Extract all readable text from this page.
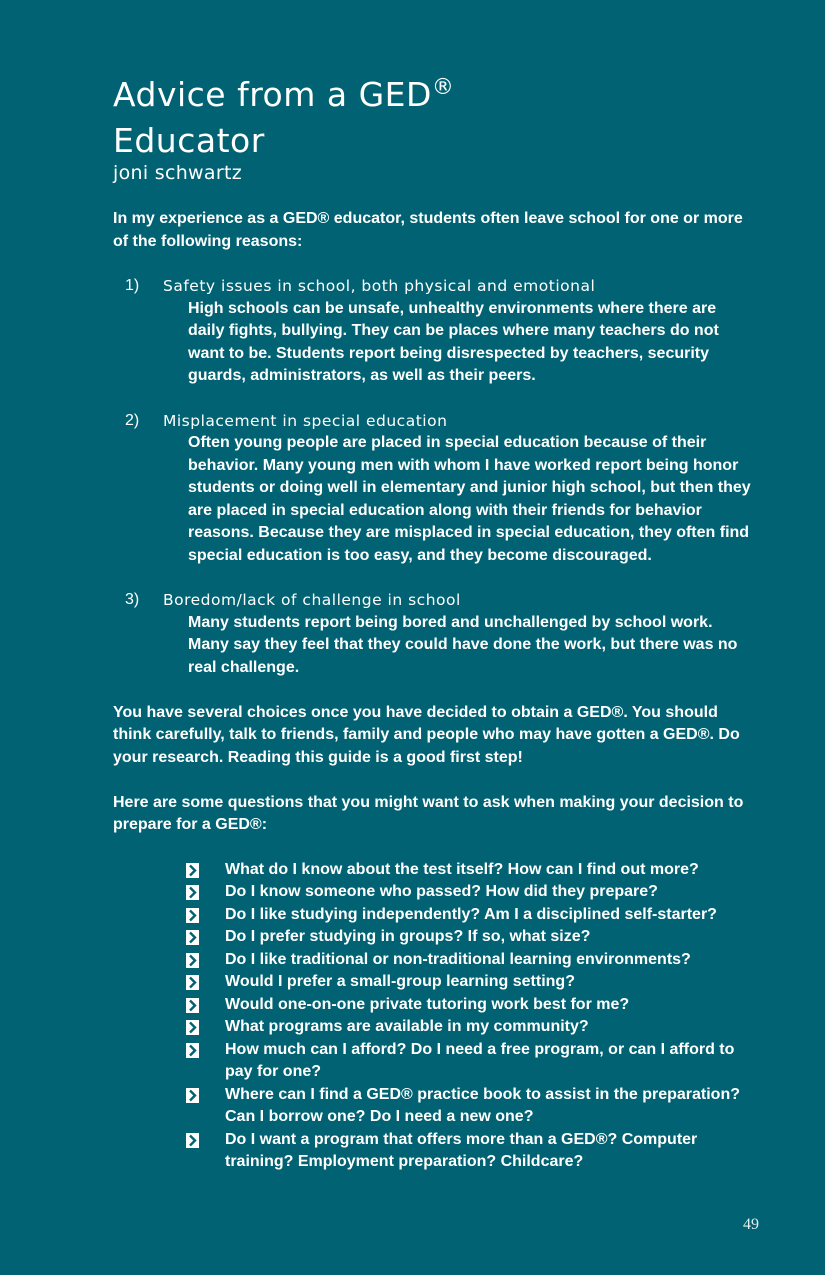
Advice from a GED®
Educator
joni schwartz

In my experience as a GED® educator, students often leave school for one or more of the following reasons:

1) Safety issues in school, both physical and emotional
High schools can be unsafe, unhealthy environments where there are daily fights, bullying. They can be places where many teachers do not want to be. Students report being disrespected by teachers, security guards, administrators, as well as their peers.
2) Misplacement in special education
Often young people are placed in special education because of their behavior. Many young men with whom I have worked report being honor students or doing well in elementary and junior high school, but then they are placed in special education along with their friends for behavior reasons. Because they are misplaced in special education, they often find special education is too easy, and they become discouraged.
3) Boredom/lack of challenge in school
Many students report being bored and unchallenged by school work. Many say they feel that they could have done the work, but there was no real challenge.

You have several choices once you have decided to obtain a GED®. You should think carefully, talk to friends, family and people who may have gotten a GED®. Do your research. Reading this guide is a good first step!

Here are some questions that you might want to ask when making your decision to prepare for a GED®:

What do I know about the test itself? How can I find out more?
Do I know someone who passed? How did they prepare?
Do I like studying independently? Am I a disciplined self-starter?
Do I prefer studying in groups? If so, what size?
Do I like traditional or non-traditional learning environments?
Would I prefer a small-group learning setting?
Would one-on-one private tutoring work best for me?
What programs are available in my community?
How much can I afford? Do I need a free program, or can I afford to pay for one?
Where can I find a GED® practice book to assist in the preparation? Can I borrow one? Do I need a new one?
Do I want a program that offers more than a GED®? Computer training? Employment preparation? Childcare?
49
